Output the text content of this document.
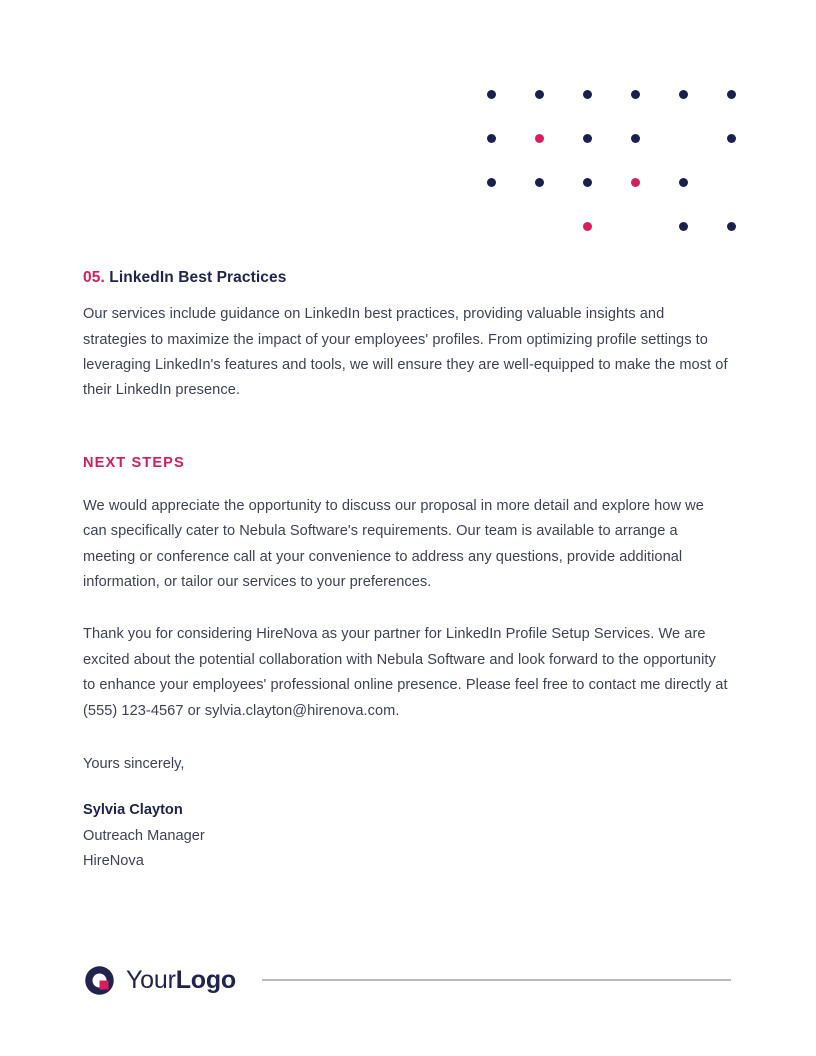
05. LinkedIn Best Practices

Our services include guidance on LinkedIn best practices, providing valuable insights and strategies to maximize the impact of your employees' profiles. From optimizing profile settings to leveraging LinkedIn's features and tools, we will ensure they are well-equipped to make the most of their LinkedIn presence.

NEXT STEPS

We would appreciate the opportunity to discuss our proposal in more detail and explore how we can specifically cater to Nebula Software's requirements. Our team is available to arrange a meeting or conference call at your convenience to address any questions, provide additional information, or tailor our services to your preferences.

Thank you for considering HireNova as your partner for LinkedIn Profile Setup Services. We are excited about the potential collaboration with Nebula Software and look forward to the opportunity to enhance your employees' professional online presence. Please feel free to contact me directly at (555) 123-4567 or sylvia.clayton@hirenova.com.

Yours sincerely,

Sylvia Clayton

Outreach Manager

HireNova

YourLogo
